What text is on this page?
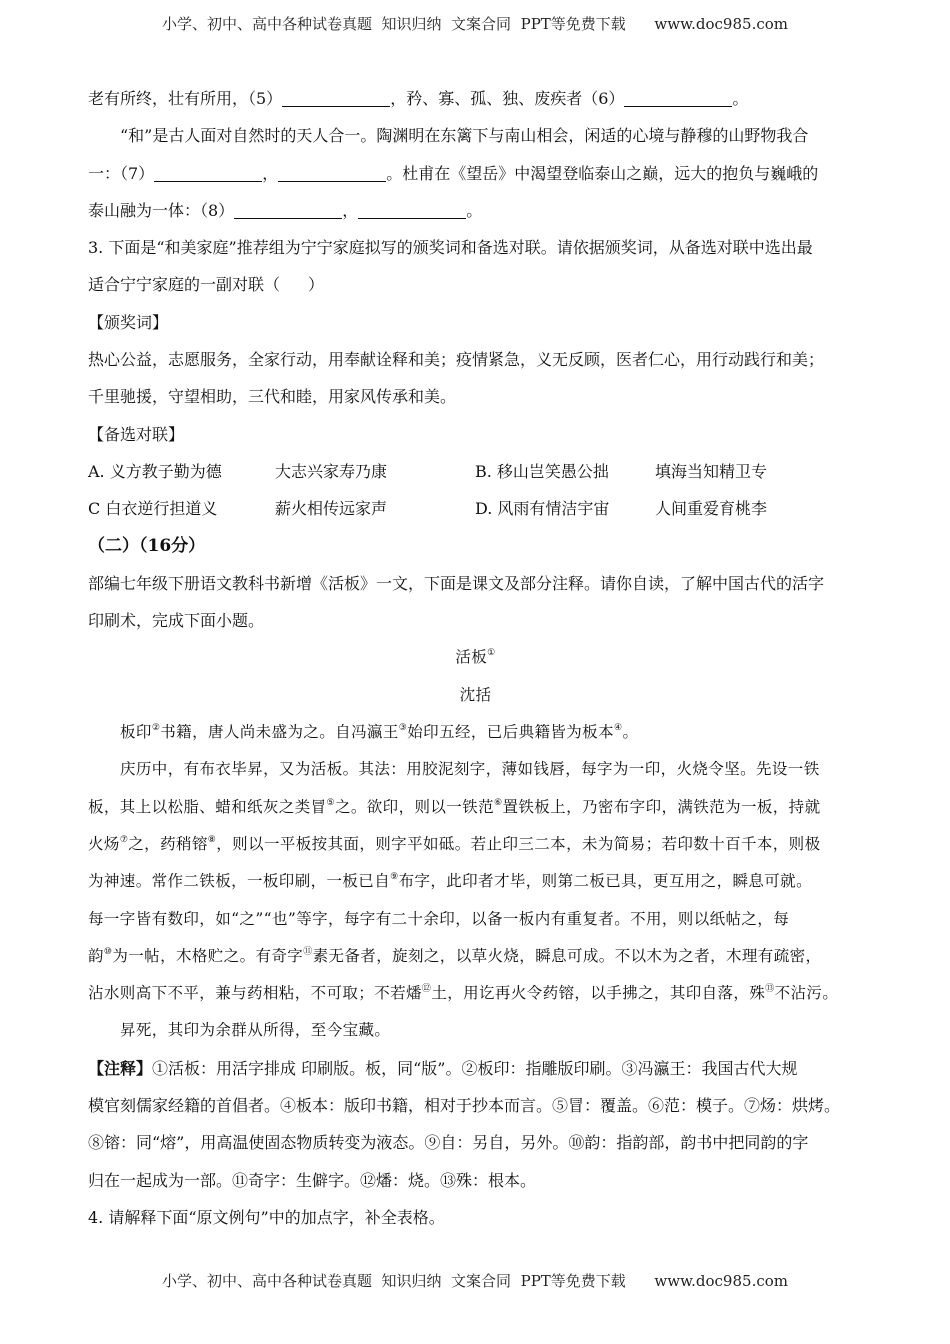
小学、初中、高中各种试卷真题  知识归纳  文案合同  PPT等免费下载      www.doc985.com
老有所终，壮有所用，（5）	，矜、寡、孤、独、废疾者（6）	。
“和”是古人面对自然时的天人合一。陶渊明在东篱下与南山相会，闲适的心境与静穆的山野物我合
一：（7）	，	。杜甫在《望岳》中渴望登临泰山之巅，远大的抱负与巍峨的
泰山融为一体：（8）	，	。
3. 下面是“和美家庭”推荐组为宁宁家庭拟写的颁奖词和备选对联。请依据颁奖词，从备选对联中选出最
适合宁宁家庭的一副对联（ ）
【颁奖词】
热心公益，志愿服务，全家行动，用奉献诠释和美；疫情紧急，义无反顾，医者仁心，用行动践行和美；
千里驰援，守望相助，三代和睦，用家风传承和美。
【备选对联】
A. 义方教子勤为德	大志兴家寿乃康	B. 移山岂笑愚公拙	填海当知精卫专
C 白衣逆行担道义	薪火相传远家声	D. 风雨有情洁宇宙	人间重爱育桃李
（二）（16分）
部编七年级下册语文教科书新增《活板》一文，下面是课文及部分注释。请你自读，了解中国古代的活字
印刷术，完成下面小题。
活板①
沈括
板印②书籍，唐人尚未盛为之。自冯瀛王③始印五经，已后典籍皆为板本④。
庆历中，有布衣毕昇，又为活板。其法：用胶泥刻字，薄如钱唇，每字为一印，火烧令坚。先设一铁
板，其上以松脂、蜡和纸灰之类冒⑤之。欲印，则以一铁范⑥置铁板上，乃密布字印，满铁范为一板，持就
火炀⑦之，药稍镕⑧，则以一平板按其面，则字平如砥。若止印三二本，未为简易；若印数十百千本，则极
为神速。常作二铁板，一板印刷，一板已自⑨布字，此印者才毕，则第二板已具，更互用之，瞬息可就。
每一字皆有数印，如“之”“也”等字，每字有二十余印，以备一板内有重复者。不用，则以纸帖之，每
韵⑩为一帖，木格贮之。有奇字⑪素无备者，旋刻之，以草火烧，瞬息可成。不以木为之者，木理有疏密，
沾水则高下不平，兼与药相粘，不可取；不若燔⑫土，用讫再火令药镕，以手拂之，其印自落，殊⑬不沾污。
昇死，其印为余群从所得，至今宝藏。
【注释】①活板：用活字排成 印刷版。板，同“版”。②板印：指雕版印刷。③冯瀛王：我国古代大规
模官刻儒家经籍的首倡者。④板本：版印书籍，相对于抄本而言。⑤冒：覆盖。⑥范：模子。⑦炀：烘烤。
⑧镕：同“熔”，用高温使固态物质转变为液态。⑨自：另自，另外。⑩韵：指韵部，韵书中把同韵的字
归在一起成为一部。⑪奇字：生僻字。⑫燔：烧。⑬殊：根本。
4. 请解释下面“原文例句”中的加点字，补全表格。
小学、初中、高中各种试卷真题  知识归纳  文案合同  PPT等免费下载      www.doc985.com
